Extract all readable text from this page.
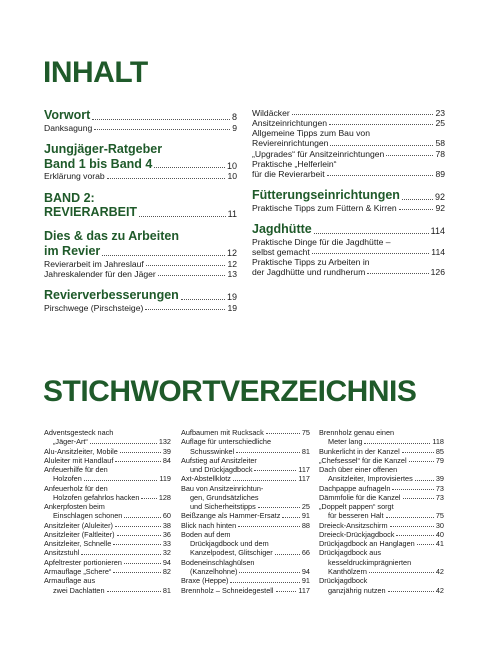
INHALT
Vorwort	8
Danksagung	9
Jungjäger-Ratgeber
Band 1 bis Band 4	10
Erklärung vorab	10
BAND 2:
REVIERARBEIT	11
Dies & das zu Arbeiten
im Revier	12
Revierarbeit im Jahreslauf	12
Jahreskalender für den Jäger	13
Revierverbesserungen	19
Pirschwege (Pirschsteige)	19
Wildäcker	23
Ansitzeinrichtungen	25
Allgemeine Tipps zum Bau von
Reviereinrichtungen	58
„Upgrades“ für Ansitzeinrichtungen	78
Praktische „Helferlein“
für die Revierarbeit	89
Fütterungseinrichtungen	92
Praktische Tipps zum Füttern & Kirren	92
Jagdhütte	114
Praktische Dinge für die Jagdhütte –
selbst gemacht	114
Praktische Tipps zu Arbeiten in
der Jagdhütte und rundherum	126
STICHWORTVERZEICHNIS
Adventsgesteck nach
„Jäger-Art“	132
Alu-Ansitzleiter, Mobile	39
Aluleiter mit Handlauf	84
Anfeuerhilfe für den
Holzofen	119
Anfeuerholz für den
Holzofen gefahrlos hacken	128
Ankerpfosten beim
Einschlagen schonen	60
Ansitzleiter (Aluleiter)	38
Ansitzleiter (Faltleiter)	36
Ansitzleiter, Schnelle	33
Ansitzstuhl	32
Apfeltrester portionieren	94
Armauflage „Schere“	82
Armauflage aus
zwei Dachlatten	81
Aufbaumen mit Rucksack	75
Auflage für unterschiedliche
Schusswinkel	81
Aufstieg auf Ansitzleiter
und Drückjagdbock	117
Axt-Abstellklotz	117
Bau von Ansitzeinrichtun-
gen, Grundsätzliches
und Sicherheitstipps	25
Beißzange als Hammer-Ersatz	91
Blick nach hinten	88
Boden auf dem
Drückjagdbock und dem
Kanzelpodest, Glitschiger	66
Bodeneinschlaghülsen
(Kanzelhohne)	94
Braxe (Heppe)	91
Brennholz – Schneidegestell	117
Brennholz genau einen
Meter lang	118
Bunkerlicht in der Kanzel	85
„Chefsessel“ für die Kanzel	79
Dach über einer offenen
Ansitzleiter, Improvisiertes	39
Dachpappe aufnageln	73
Dämmfolie für die Kanzel	73
„Doppelt pappen“ sorgt
für besseren Halt	75
Dreieck-Ansitzschirm	30
Dreieck-Drückjagdbock	40
Drückjagdbock an Hanglagen	41
Drückjagdbock aus
kesseldruckimprägnierten
Kanthölzern	42
Drückjagdbock
ganzjährig nutzen	42
